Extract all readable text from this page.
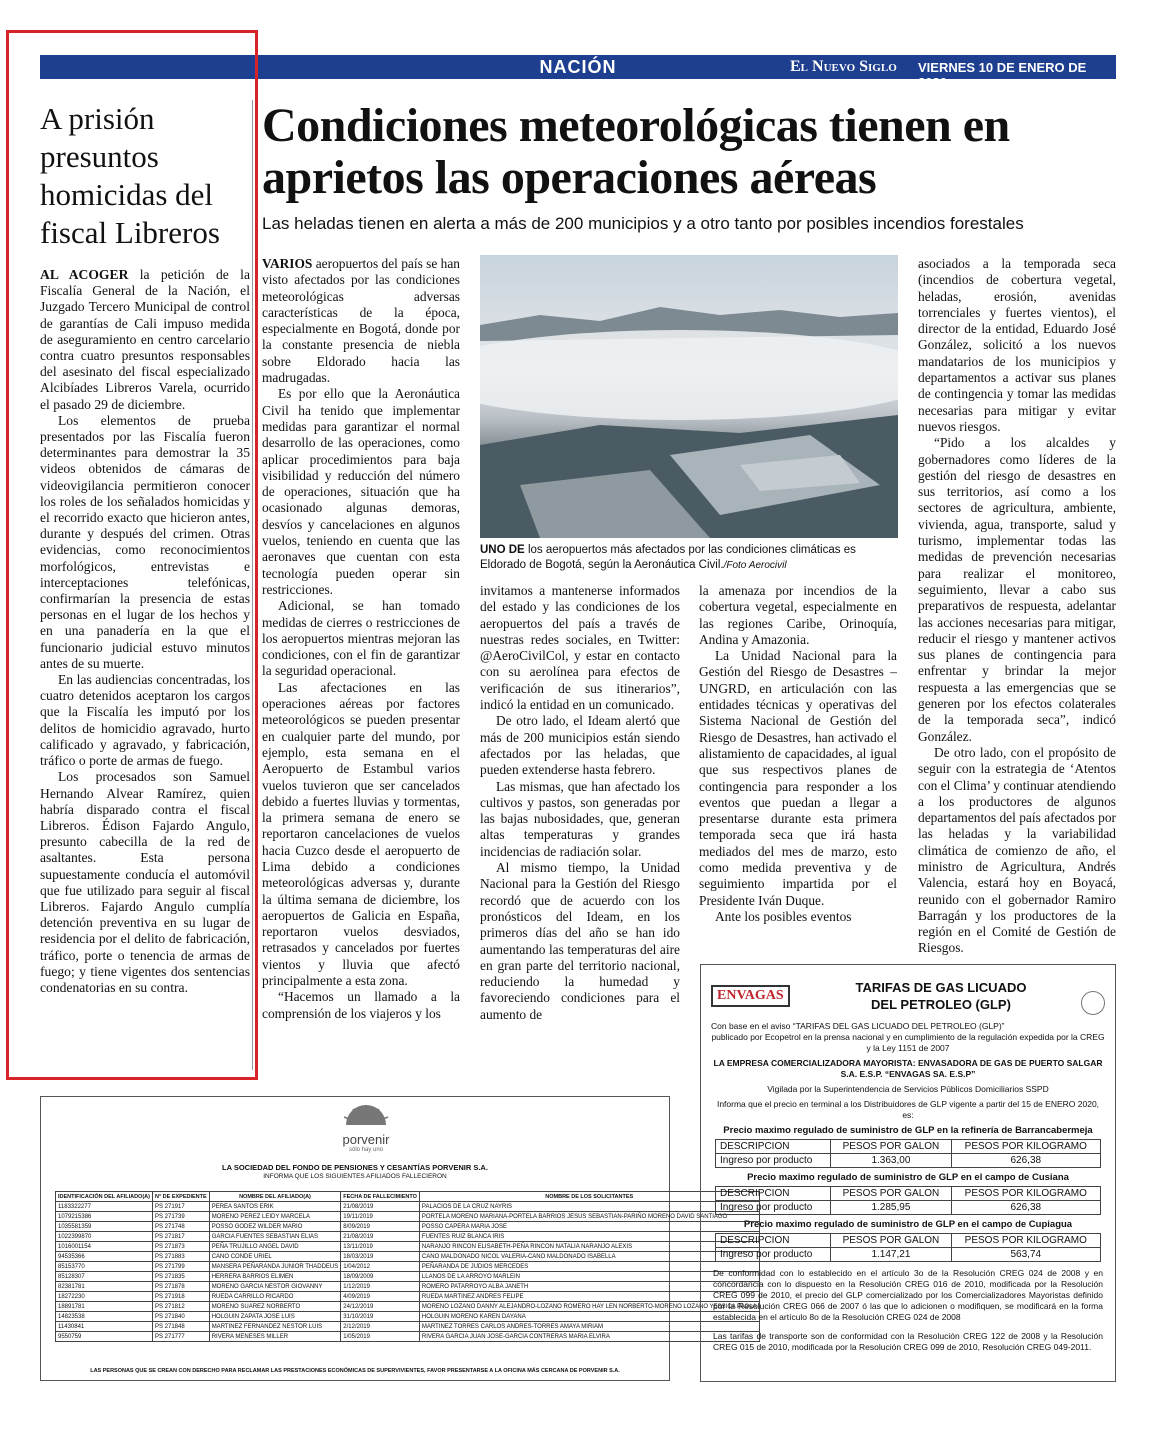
NACIÓN	El Nuevo Siglo VIERNES 10 DE ENERO DE 2020
9B
A prisión presuntos homicidas del fiscal Libreros

AL ACOGER la petición de la Fiscalía General de la Nación, el Juzgado Tercero Municipal de control de garantías de Cali impuso medida de aseguramiento en centro carcelario contra cuatro presuntos responsables del asesinato del fiscal especializado Alcibíades Libreros Varela, ocurrido el pasado 29 de diciembre.

Los elementos de prueba presentados por las Fiscalía fueron determinantes para demostrar la 35 videos obtenidos de cámaras de videovigilancia permitieron conocer los roles de los señalados homicidas y el recorrido exacto que hicieron antes, durante y después del crimen. Otras evidencias, como reconocimientos morfológicos, entrevistas e interceptaciones telefónicas, confirmarían la presencia de estas personas en el lugar de los hechos y en una panadería en la que el funcionario judicial estuvo minutos antes de su muerte.

En las audiencias concentradas, los cuatro detenidos aceptaron los cargos que la Fiscalía les imputó por los delitos de homicidio agravado, hurto calificado y agravado, y fabricación, tráfico o porte de armas de fuego.

Los procesados son Samuel Hernando Alvear Ramírez, quien habría disparado contra el fiscal Libreros. Édison Fajardo Angulo, presunto cabecilla de la red de asaltantes. Esta persona supuestamente conducía el automóvil que fue utilizado para seguir al fiscal Libreros. Fajardo Angulo cumplía detención preventiva en su lugar de residencia por el delito de fabricación, tráfico, porte o tenencia de armas de fuego; y tiene vigentes dos sentencias condenatorias en su contra.

Condiciones meteorológicas tienen en aprietos las operaciones aéreas
Las heladas tienen en alerta a más de 200 municipios y a otro tanto por posibles incendios forestales

VARIOS aeropuertos del país se han visto afectados por las condiciones meteorológicas adversas características de la época, especialmente en Bogotá, donde por la constante presencia de niebla sobre Eldorado hacia las madrugadas.

Es por ello que la Aeronáutica Civil ha tenido que implementar medidas para garantizar el normal desarrollo de las operaciones, como aplicar procedimientos para baja visibilidad y reducción del número de operaciones, situación que ha ocasionado algunas demoras, desvíos y cancelaciones en algunos vuelos, teniendo en cuenta que las aeronaves que cuentan con esta tecnología pueden operar sin restricciones.

Adicional, se han tomado medidas de cierres o restricciones de los aeropuertos mientras mejoran las condiciones, con el fin de garantizar la seguridad operacional.

Las afectaciones en las operaciones aéreas por factores meteorológicos se pueden presentar en cualquier parte del mundo, por ejemplo, esta semana en el Aeropuerto de Estambul varios vuelos tuvieron que ser cancelados debido a fuertes lluvias y tormentas, la primera semana de enero se reportaron cancelaciones de vuelos hacia Cuzco desde el aeropuerto de Lima debido a condiciones meteorológicas adversas y, durante la última semana de diciembre, los aeropuertos de Galicia en España, reportaron vuelos desviados, retrasados y cancelados por fuertes vientos y lluvia que afectó principalmente a esta zona.

“Hacemos un llamado a la comprensión de los viajeros y los

UNO DE los aeropuertos más afectados por las condiciones climáticas es Eldorado de Bogotá, según la Aeronáutica Civil./Foto Aerocivil

invitamos a mantenerse informados del estado y las condiciones de los aeropuertos del país a través de nuestras redes sociales, en Twitter: @AeroCivilCol, y estar en contacto con su aerolínea para efectos de verificación de sus itinerarios”, indicó la entidad en un comunicado.

De otro lado, el Ideam alertó que más de 200 municipios están siendo afectados por las heladas, que pueden extenderse hasta febrero.

Las mismas, que han afectado los cultivos y pastos, son generadas por las bajas nubosidades, que, generan altas temperaturas y grandes incidencias de radiación solar.

Al mismo tiempo, la Unidad Nacional para la Gestión del Riesgo recordó que de acuerdo con los pronósticos del Ideam, en los primeros días del año se han ido aumentando las temperaturas del aire en gran parte del territorio nacional, reduciendo la humedad y favoreciendo condiciones para el aumento de

la amenaza por incendios de la cobertura vegetal, especialmente en las regiones Caribe, Orinoquía, Andina y Amazonia.

La Unidad Nacional para la Gestión del Riesgo de Desastres – UNGRD, en articulación con las entidades técnicas y operativas del Sistema Nacional de Gestión del Riesgo de Desastres, han activado el alistamiento de capacidades, al igual que sus respectivos planes de contingencia para responder a los eventos que puedan a llegar a presentarse durante esta primera temporada seca que irá hasta mediados del mes de marzo, esto como medida preventiva y de seguimiento impartida por el Presidente Iván Duque.

Ante los posibles eventos

asociados a la temporada seca (incendios de cobertura vegetal, heladas, erosión, avenidas torrenciales y fuertes vientos), el director de la entidad, Eduardo José González, solicitó a los nuevos mandatarios de los municipios y departamentos a activar sus planes de contingencia y tomar las medidas necesarias para mitigar y evitar nuevos riesgos.

“Pido a los alcaldes y gobernadores como líderes de la gestión del riesgo de desastres en sus territorios, así como a los sectores de agricultura, ambiente, vivienda, agua, transporte, salud y turismo, implementar todas las medidas de prevención necesarias para realizar el monitoreo, seguimiento, llevar a cabo sus preparativos de respuesta, adelantar las acciones necesarias para mitigar, reducir el riesgo y mantener activos sus planes de contingencia para enfrentar y brindar la mejor respuesta a las emergencias que se generen por los efectos colaterales de la temporada seca”, indicó González.

De otro lado, con el propósito de seguir con la estrategia de ‘Atentos con el Clima’ y continuar atendiendo a los productores de algunos departamentos del país afectados por las heladas y la variabilidad climática de comienzo de año, el ministro de Agricultura, Andrés Valencia, estará hoy en Boyacá, reunido con el gobernador Ramiro Barragán y los productores de la región en el Comité de Gestión de Riesgos.

porvenir
sólo hay uno
LA SOCIEDAD DEL FONDO DE PENSIONES Y CESANTÍAS PORVENIR S.A.
INFORMA QUE LOS SIGUIENTES AFILIADOS FALLECIERON
IDENTIFICACIÓN DEL AFILIADO(A)	N° DE EXPEDIENTE	NOMBRE DEL AFILIADO(A)	FECHA DE FALLECIMIENTO	NOMBRE DE LOS SOLICITANTES
1183322277	PS 271917	PEREA SANTOS ERIK	21/08/2019	PALACIOS DE LA CRUZ NAYRIS
1079215386	PS 271739	MORENO PEREZ LEIDY MARCELA	19/11/2019	PORTELA MORENO MARIANA-PORTELA BARRIOS JESUS SEBASTIAN-PARIÑO MORENO DAVID SANTIAGO
1035581359	PS 271748	POSSO GODEZ WILDER MARIO	8/09/2019	POSSO CAPERA MARIA JOSE
1022399870	PS 271817	GARCIA FUENTES SEBASTIAN ELIAS	21/08/2019	FUENTES RUIZ BLANCA IRIS
1016001154	PS 271873	PEÑA TRUJILLO ANGEL DAVID	13/11/2019	NARANJO RINCON ELISABETH-PEÑA RINCON NATALIA NARANJO ALEXIS
94535366	PS 271883	CANO CONDE URIEL	18/03/2019	CANO MALDONADO NICOL VALERIA-CANO MALDONADO ISABELLA
85153770	PS 271799	MANSERA PEÑARANDA JUNIOR THADDEUS	1/04/2012	PEÑARANDA DE JUDIOS MERCEDES
85128307	PS 271835	HERRERA BARRIOS ELIMEN	18/09/2009	LLANOS DE LA ARROYO MARLEIN
82381781	PS 271878	MORENO GARCIA NESTOR GIOVANNY	1/12/2019	ROMERO PATARROYO ALBA JANETH
18272230	PS 271918	RUEDA CARRILLO RICARDO	4/09/2019	RUEDA MARTINEZ ANDRES FELIPE
18891781	PS 271812	MORENO SUAREZ NORBERTO	24/12/2019	MORENO LOZANO DANNY ALEJANDRO-LOZANO ROMERO HAY LEN NORBERTO-MORENO LOZANO YESSICA PAOLA
14823538	PS 271840	HOLGUIN ZAPATA JOSE LUIS	31/10/2019	HOLGUIN MORENO KAREN DAYANA
11430841	PS 271848	MARTINEZ FERNANDEZ NESTOR LUIS	2/12/2019	MARTINEZ TORRES CARLOS ANDRES-TORRES AMAYA MIRIAM
9550759	PS 271777	RIVERA MENESES MILLER	1/05/2019	RIVERA GARCIA JUAN JOSE-GARCIA CONTRERAS MARIA ELVIRA
LAS PERSONAS QUE SE CREAN CON DERECHO PARA RECLAMAR LAS PRESTACIONES ECONÓMICAS DE SUPERVIVIENTES, FAVOR PRESENTARSE A LA OFICINA MÁS CERCANA DE PORVENIR S.A.
ENVAGAS
TARIFAS DE GAS LICUADO
DEL PETROLEO (GLP)
Con base en el aviso “TARIFAS DEL GAS LICUADO DEL PETROLEO (GLP)”
publicado por Ecopetrol en la prensa nacional y en cumplimiento de la regulación expedida por la CREG y la Ley 1151 de 2007
LA EMPRESA COMERCIALIZADORA MAYORISTA: ENVASADORA DE GAS DE PUERTO SALGAR S.A. E.S.P. “ENVAGAS SA. E.S.P”
Vigilada por la Superintendencia de Servicios Públicos Domiciliarios SSPD
Informa que el precio en terminal a los Distribuidores de GLP vigente a partir del 15 de ENERO 2020, es:
Precio maximo regulado de suministro de GLP en la refinería de Barrancabermeja
DESCRIPCION	PESOS POR GALON	PESOS POR KILOGRAMO
Ingreso por producto	1.363,00	626,38
Precio maximo regulado de suministro de GLP en el campo de Cusiana
DESCRIPCION	PESOS POR GALON	PESOS POR KILOGRAMO
Ingreso por producto	1.285,95	626,38
Precio maximo regulado de suministro de GLP en el campo de Cupiagua
DESCRIPCION	PESOS POR GALON	PESOS POR KILOGRAMO
Ingreso por producto	1.147,21	563,74
De conformidad con lo establecido en el artículo 3o de la Resolución CREG 024 de 2008 y en concordancia con lo dispuesto en la Resolución CREG 016 de 2010, modificada por la Resolución CREG 099 de 2010, el precio del GLP comercializado por los Comercializadores Mayoristas definido por la Resolución CREG 066 de 2007 ó las que lo adicionen o modifiquen, se modificará en la forma establecida en el artículo 8o de la Resolución CREG 024 de 2008
Las tarifas de transporte son de conformidad con la Resolución CREG 122 de 2008 y la Resolución CREG 015 de 2010, modificada por la Resolución CREG 099 de 2010, Resolución CREG 049-2011.
